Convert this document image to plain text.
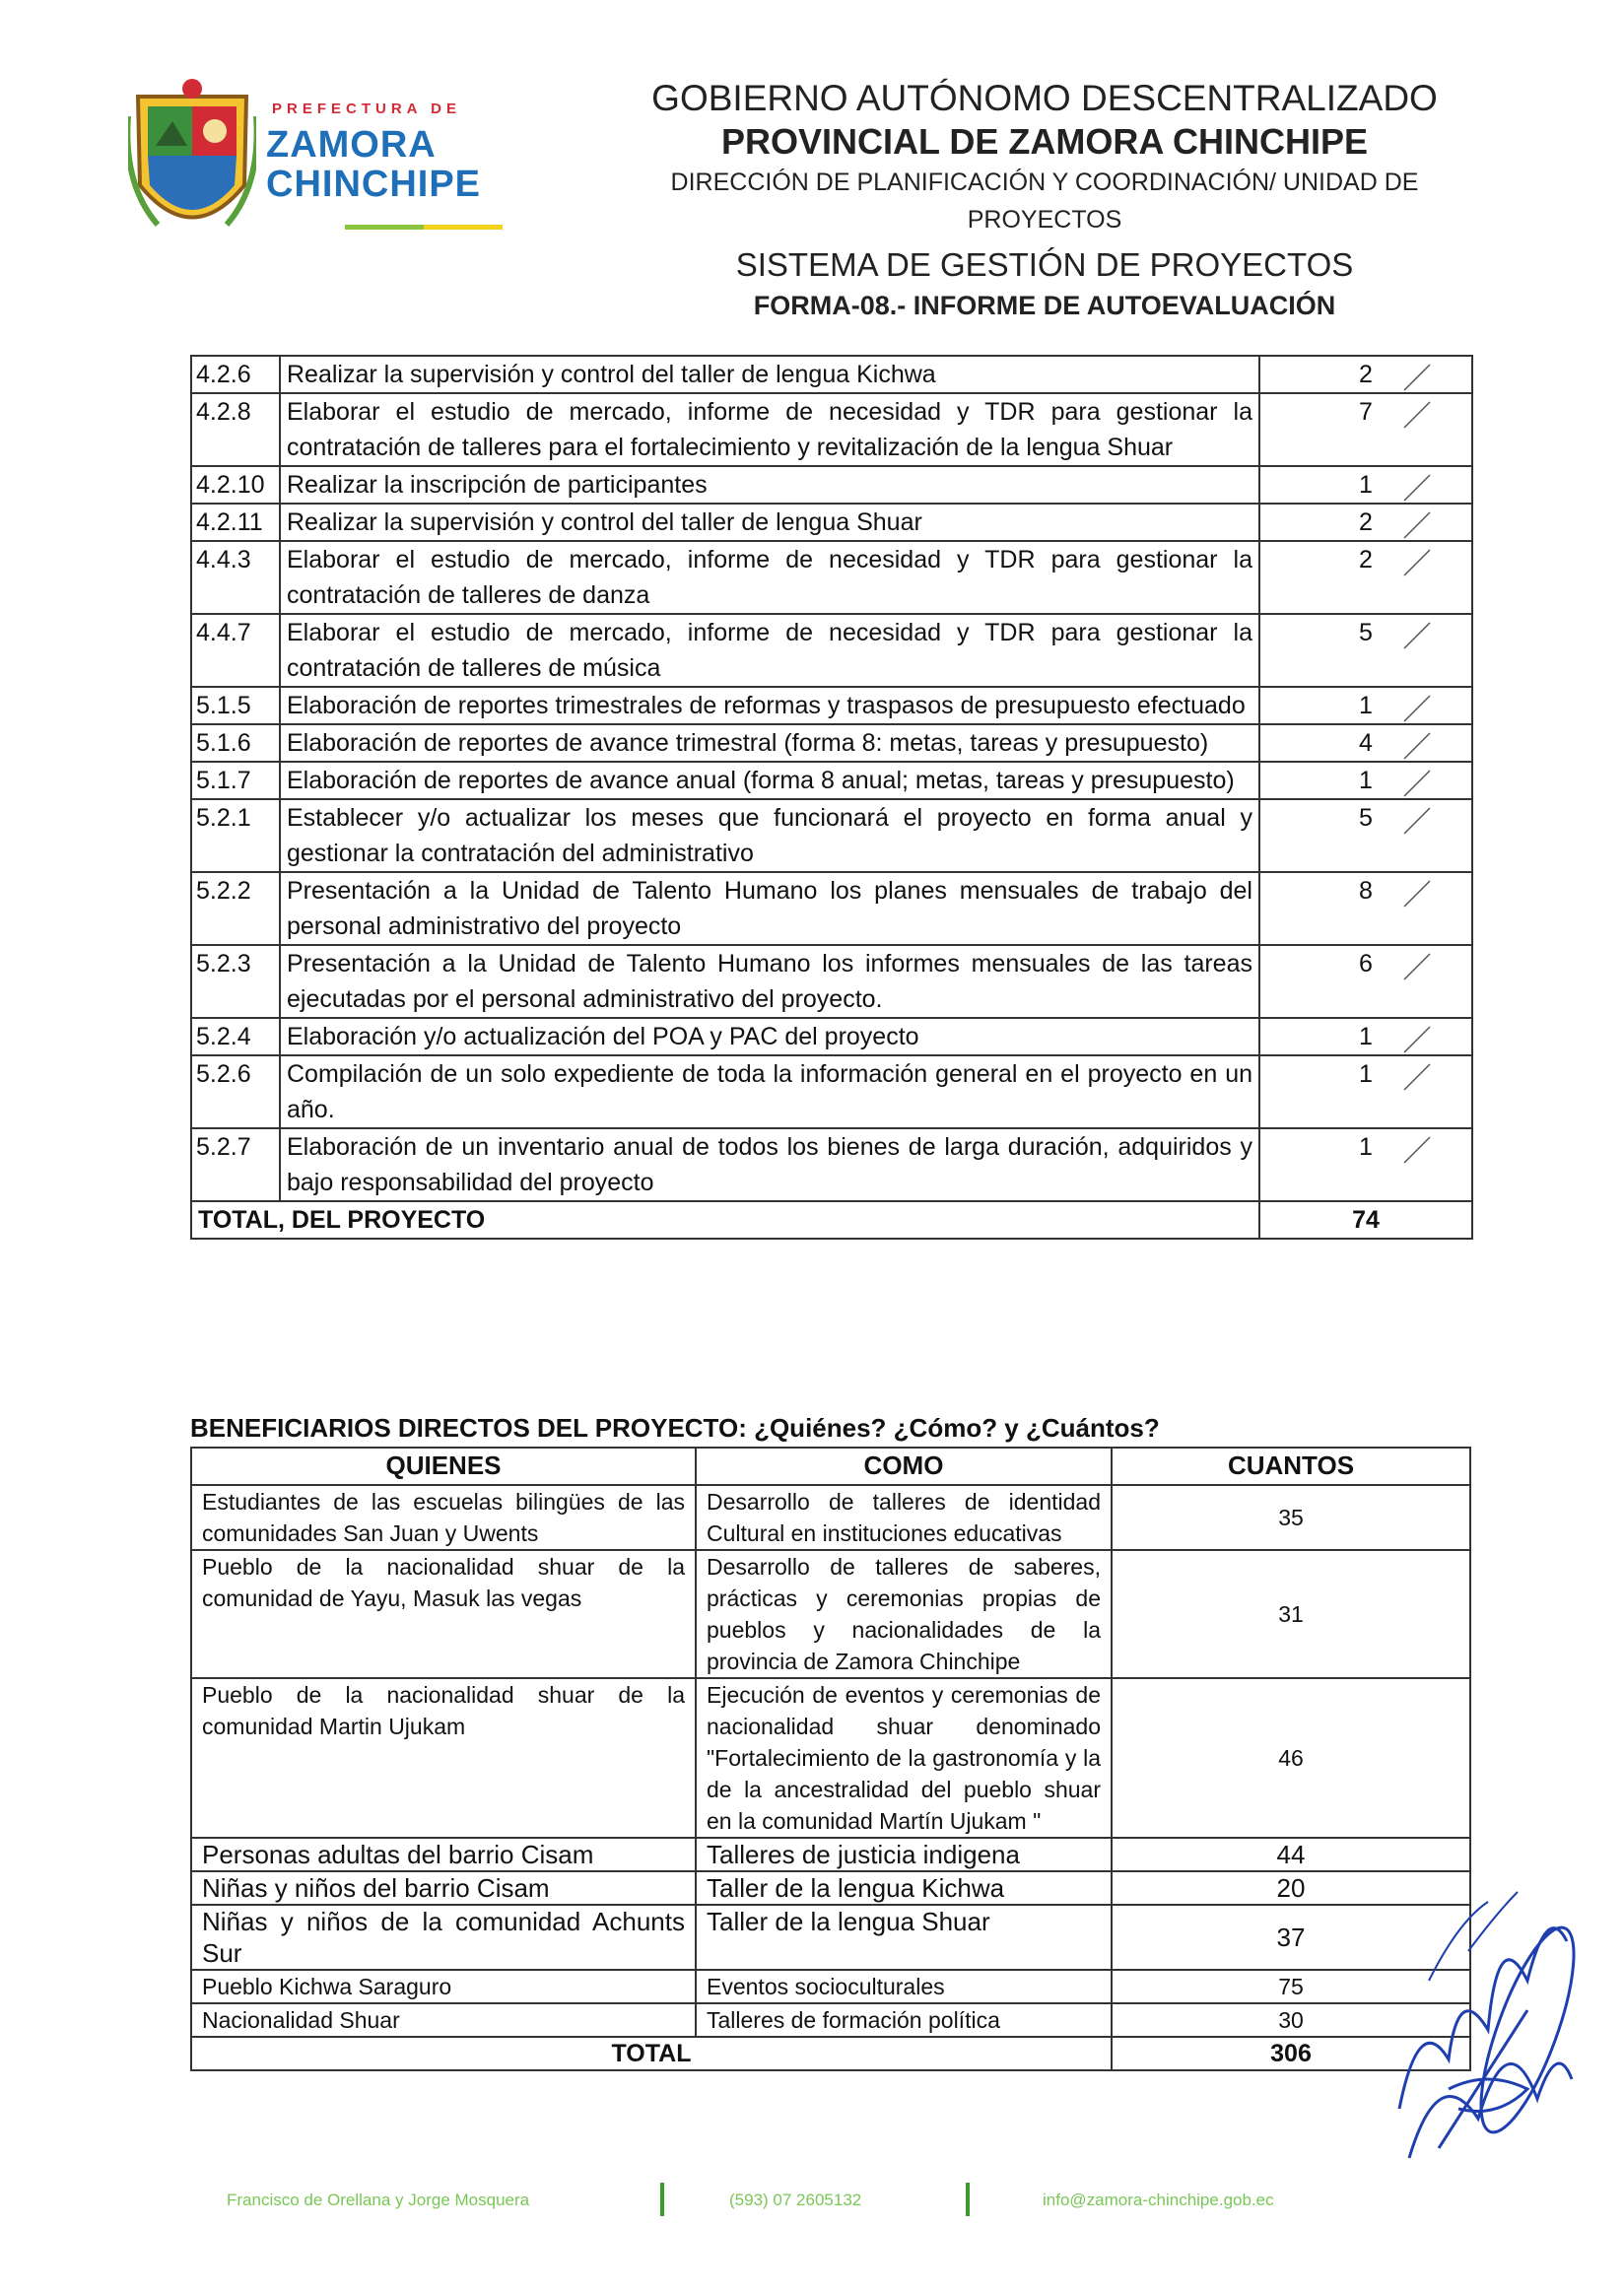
PREFECTURA DE
ZAMORA
CHINCHIPE
GOBIERNO AUTÓNOMO DESCENTRALIZADO
PROVINCIAL DE ZAMORA CHINCHIPE
DIRECCIÓN DE PLANIFICACIÓN Y COORDINACIÓN/ UNIDAD DE PROYECTOS
SISTEMA DE GESTIÓN DE PROYECTOS
FORMA-08.- INFORME DE AUTOEVALUACIÓN
4.2.6	Realizar la supervisión y control del taller de lengua Kichwa	2

4.2.8	Elaborar el estudio de mercado, informe de necesidad y TDR para gestionar la contratación de talleres para el fortalecimiento y revitalización de la lengua Shuar	7

4.2.10	Realizar la inscripción de participantes	1

4.2.11	Realizar la supervisión y control del taller de lengua Shuar	2

4.4.3	Elaborar el estudio de mercado, informe de necesidad y TDR para gestionar la contratación de talleres de danza	2

4.4.7	Elaborar el estudio de mercado, informe de necesidad y TDR para gestionar la contratación de talleres de música	5

5.1.5	Elaboración de reportes trimestrales de reformas y traspasos de presupuesto efectuado	1

5.1.6	Elaboración de reportes de avance trimestral (forma 8: metas, tareas y presupuesto)	4

5.1.7	Elaboración de reportes de avance anual (forma 8 anual; metas, tareas y presupuesto)	1

5.2.1	Establecer y/o actualizar los meses que funcionará el proyecto en forma anual y gestionar la contratación del administrativo	5

5.2.2	Presentación a la Unidad de Talento Humano los planes mensuales de trabajo del personal administrativo del proyecto	8

5.2.3	Presentación a la Unidad de Talento Humano los informes mensuales de las tareas ejecutadas por el personal administrativo del proyecto.	6

5.2.4	Elaboración y/o actualización del POA y PAC del proyecto	1

5.2.6	Compilación de un solo expediente de toda la información general en el proyecto en un año.	1

5.2.7	Elaboración de un inventario anual de todos los bienes de larga duración, adquiridos y bajo responsabilidad del proyecto	1

TOTAL, DEL PROYECTO		74
BENEFICIARIOS DIRECTOS DEL PROYECTO: ¿Quiénes? ¿Cómo? y ¿Cuántos?
QUIENES	COMO	CUANTOS
Estudiantes de las escuelas bilingües de las comunidades San Juan y Uwents	Desarrollo de talleres de identidad Cultural en instituciones educativas	35
Pueblo de la nacionalidad shuar de la comunidad de Yayu, Masuk las vegas	Desarrollo de talleres de saberes, prácticas y ceremonias propias de pueblos y nacionalidades de la provincia de Zamora Chinchipe	31
Pueblo de la nacionalidad shuar de la comunidad Martin Ujukam	Ejecución de eventos y ceremonias de nacionalidad shuar denominado "Fortalecimiento de la gastronomía y la de la ancestralidad del pueblo shuar en la comunidad Martín Ujukam "	46
Personas adultas del barrio Cisam	Talleres de justicia indigena	44
Niñas y niños del barrio Cisam	Taller de la lengua Kichwa	20
Niñas y niños de la comunidad Achunts Sur	Taller de la lengua Shuar	37
Pueblo Kichwa Saraguro	Eventos socioculturales	75
Nacionalidad Shuar	Talleres de formación política	30
TOTAL		306
Francisco de Orellana y Jorge Mosquera	(593) 07 2605132	info@zamora-chinchipe.gob.ec
